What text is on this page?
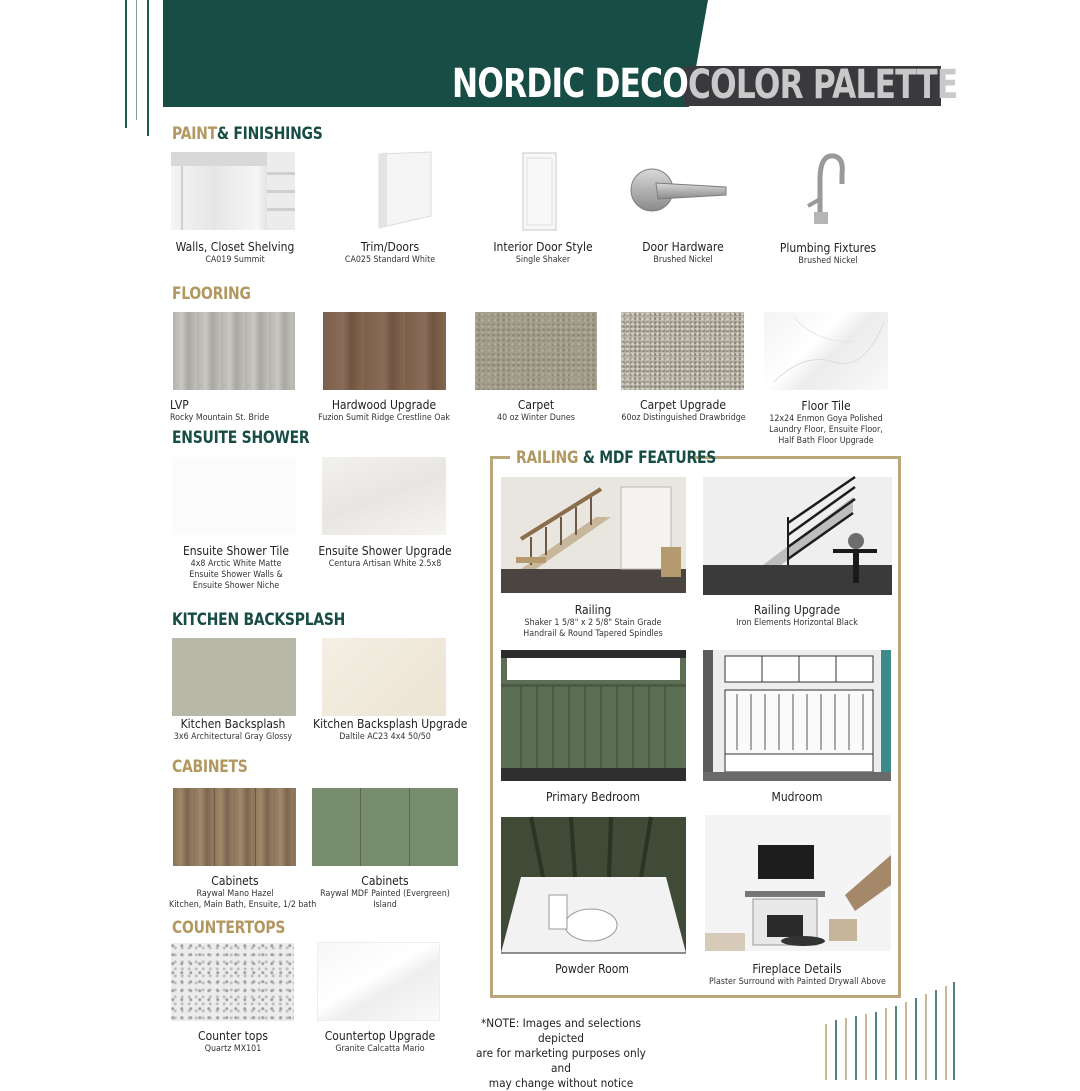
NORDIC DECO COLOR PALETTE
PAINT& FINISHINGS
Walls, Closet Shelving
CA019 Summit
Trim/Doors
CA025 Standard White
Interior Door Style
Single Shaker
Door Hardware
Brushed Nickel
Plumbing Fixtures
Brushed Nickel
FLOORING
LVP
Rocky Mountain St. Bride
Hardwood Upgrade
Fuzion Sumit Ridge Crestline Oak
Carpet
40 oz Winter Dunes
Carpet Upgrade
60oz Distinguished Drawbridge
Floor Tile
12x24 Enmon Goya Polished
Laundry Floor, Ensuite Floor,
Half Bath Floor Upgrade
ENSUITE SHOWER
Ensuite Shower Tile
4x8 Arctic White Matte
Ensuite Shower Walls &
Ensuite Shower Niche
Ensuite Shower Upgrade
Centura Artisan White 2.5x8
KITCHEN BACKSPLASH
Kitchen Backsplash
3x6 Architectural Gray Glossy
Kitchen Backsplash Upgrade
Daltile AC23 4x4 50/50
CABINETS
Cabinets
Raywal Mano Hazel
Kitchen, Main Bath, Ensuite, 1/2 bath
Cabinets
Raywal MDF Painted (Evergreen)
Island
COUNTERTOPS
Counter tops
Quartz MX101
Countertop Upgrade
Granite Calcatta Mario
RAILING & MDF FEATURES
Railing
Shaker 1 5/8" x 2 5/8" Stain Grade
Handrail & Round Tapered Spindles
Railing Upgrade
Iron Elements Horizontal Black
Primary Bedroom	Mudroom
Powder Room	Fireplace Details
Plaster Surround with Painted Drywall Above
*NOTE: Images and selections depicted
are for marketing purposes only and
may change without notice
